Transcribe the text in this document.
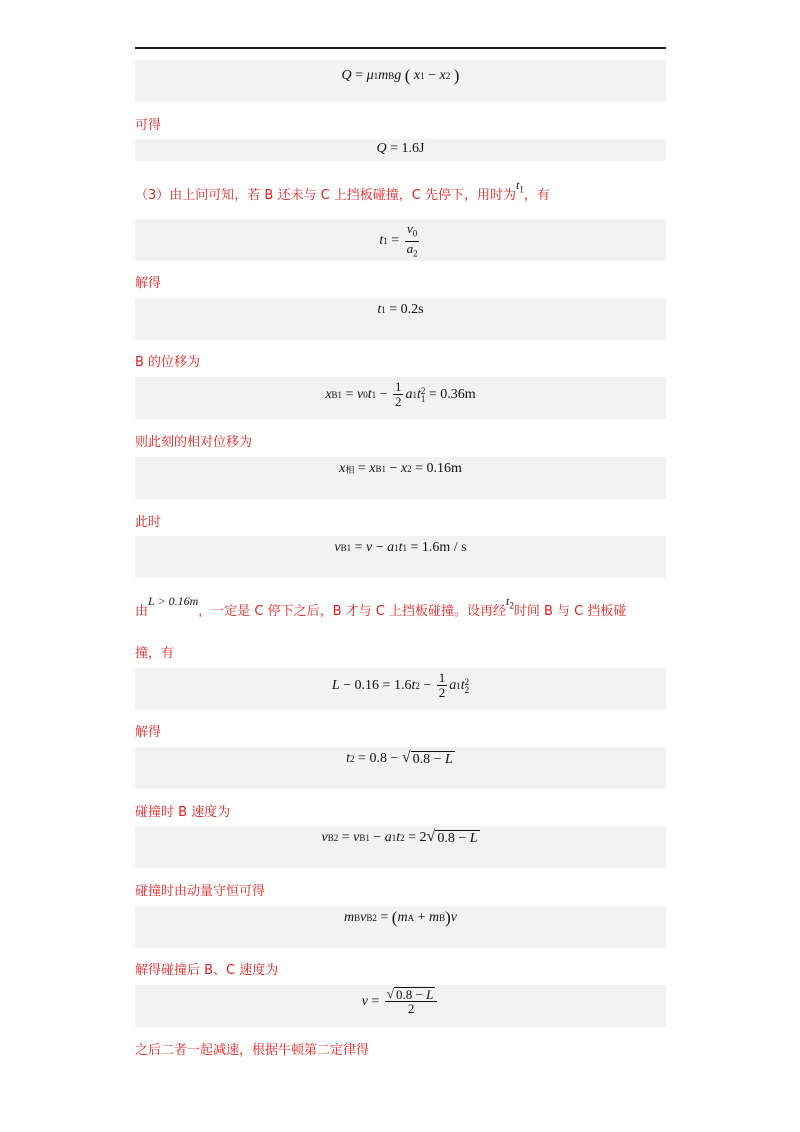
Q = μ 1 m B g
(
x 1 − x 2
)
可得
Q = 1.6J
（3）由上问可知，若 B 还未与 C 上挡板碰撞，C 先停下，用时为$t_1$，有
t $1 = \frac{v_0}{a_2}$
解得
t 1 = 0.2s
B 的位移为
x B1 = v 0 t $1 - \frac{1}{2}$ a 1 t 2
1 = 0.36m
则此刻的相对位移为
x 相 = x B1 − x 2 = 0.16m
此时
v B1 = v − a 1 t 1 = 1.6m / s
由L > 0.16m，一定是 C 停下之后，B 才与 C 上挡板碰撞。设再经$t_2$时间 B 与 C 挡板碰
撞，有
L − 0.16 = 1.6 t $2 - \frac{1}{2}$ a 1 t 2
2
解得
t 2 = 0.8 − √ 0.8 − L
碰撞时 B 速度为
v B2 = v B1 − a 1 t 2 = 2 √ 0.8 − L
碰撞时由动量守恒可得
m B v B2 = ( m A + m B ) v
解得碰撞后 B、C 速度为
$v = \frac{√ 0.8 - L}{2}$
之后二者一起减速，根据牛顿第二定律得
